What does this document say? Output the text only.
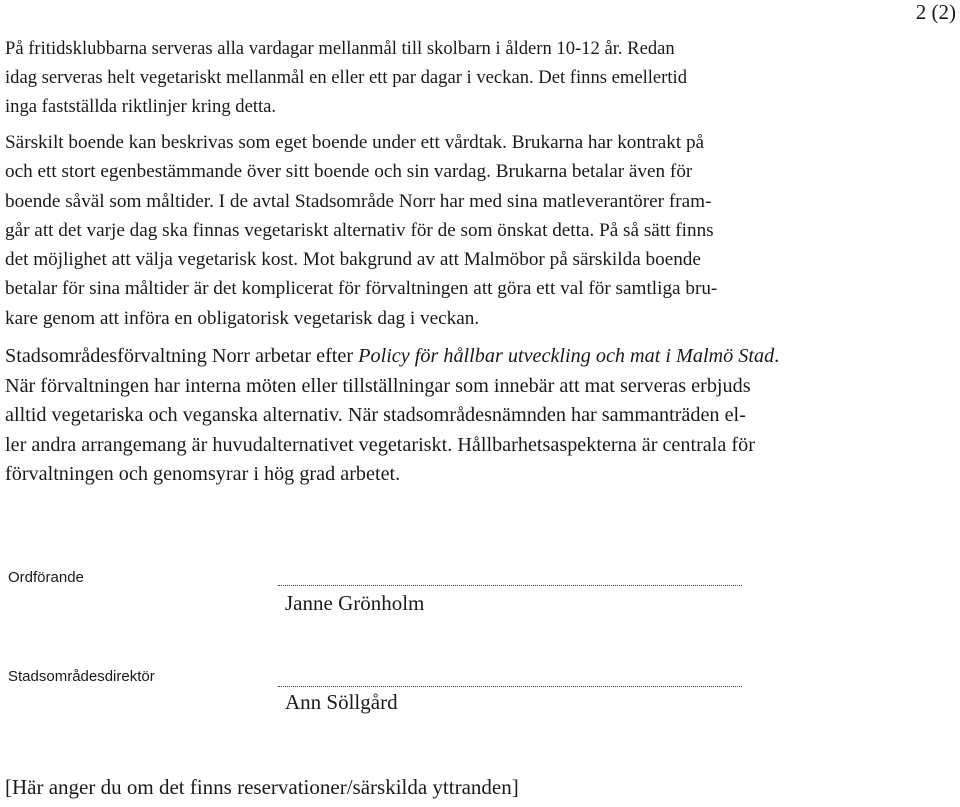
2 (2)
På fritidsklubbarna serveras alla vardagar mellanmål till skolbarn i åldern 10-12 år. Redan
idag serveras helt vegetariskt mellanmål en eller ett par dagar i veckan. Det finns emellertid
inga fastställda riktlinjer kring detta.
Särskilt boende kan beskrivas som eget boende under ett vårdtak. Brukarna har kontrakt på
och ett stort egenbestämmande över sitt boende och sin vardag. Brukarna betalar även för
boende såväl som måltider. I de avtal Stadsområde Norr har med sina matleverantörer fram-
går att det varje dag ska finnas vegetariskt alternativ för de som önskat detta. På så sätt finns
det möjlighet att välja vegetarisk kost. Mot bakgrund av att Malmöbor på särskilda boende
betalar för sina måltider är det komplicerat för förvaltningen att göra ett val för samtliga bru-
kare genom att införa en obligatorisk vegetarisk dag i veckan.
Stadsområdesförvaltning Norr arbetar efter Policy för hållbar utveckling och mat i Malmö Stad.
När förvaltningen har interna möten eller tillställningar som innebär att mat serveras erbjuds
alltid vegetariska och veganska alternativ. När stadsområdesnämnden har sammanträden el-
ler andra arrangemang är huvudalternativet vegetariskt. Hållbarhetsaspekterna är centrala för
förvaltningen och genomsyrar i hög grad arbetet.
Ordförande
Janne Grönholm
Stadsområdesdirektör
Ann Söllgård
[Här anger du om det finns reservationer/särskilda yttranden]
